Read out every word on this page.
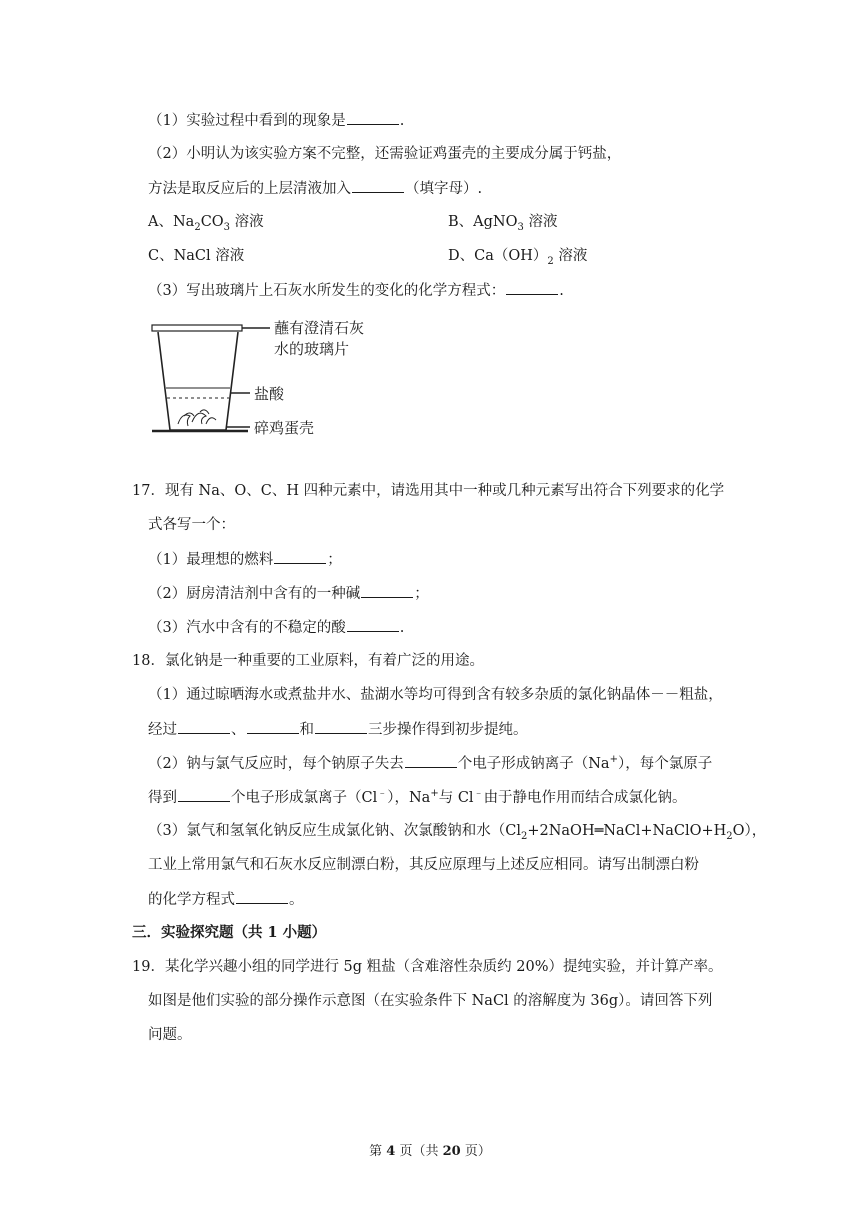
（1）实验过程中看到的现象是	.
（2）小明认为该实验方案不完整，还需验证鸡蛋壳的主要成分属于钙盐，
方法是取反应后的上层清液加入	（填字母）.
A、$Na_2CO_3$ 溶液	B、AgNO$_3$ 溶液
C、NaCl 溶液	D、$Ca(OH)_2$ 溶液
（3）写出玻璃片上石灰水所发生的变化的化学方程式：	.
蘸有澄清石灰
水的玻璃片
盐酸
碎鸡蛋壳
17．现有 Na、O、C、H 四种元素中，请选用其中一种或几种元素写出符合下列要求的化学
式各写一个：
（1）最理想的燃料	；
（2）厨房清洁剂中含有的一种碱	；
（3）汽水中含有的不稳定的酸	.
18．氯化钠是一种重要的工业原料，有着广泛的用途。
（1）通过晾晒海水或煮盐井水、盐湖水等均可得到含有较多杂质的氯化钠晶体－－粗盐，
经过	、	和	三步操作得到初步提纯。
（2）钠与氯气反应时，每个钠原子失去	个电子形成钠离子（Na+），每个氯原子
得到	个电子形成氯离子（Cl﹣），Na+与 Cl﹣由于静电作用而结合成氯化钠。
（3）氯气和氢氧化钠反应生成氯化钠、次氯酸钠和水$(Cl_2+2NaOH═NaCl+NaClO+H_2O)$，
工业上常用氯气和石灰水反应制漂白粉，其反应原理与上述反应相同。请写出制漂白粉
的化学方程式	。
三．实验探究题（共 1 小题）
19．某化学兴趣小组的同学进行 5g 粗盐（含难溶性杂质约 20%）提纯实验，并计算产率。
如图是他们实验的部分操作示意图（在实验条件下 NaCl 的溶解度为 36g）。请回答下列
问题。
第 4 页（共 20 页）
